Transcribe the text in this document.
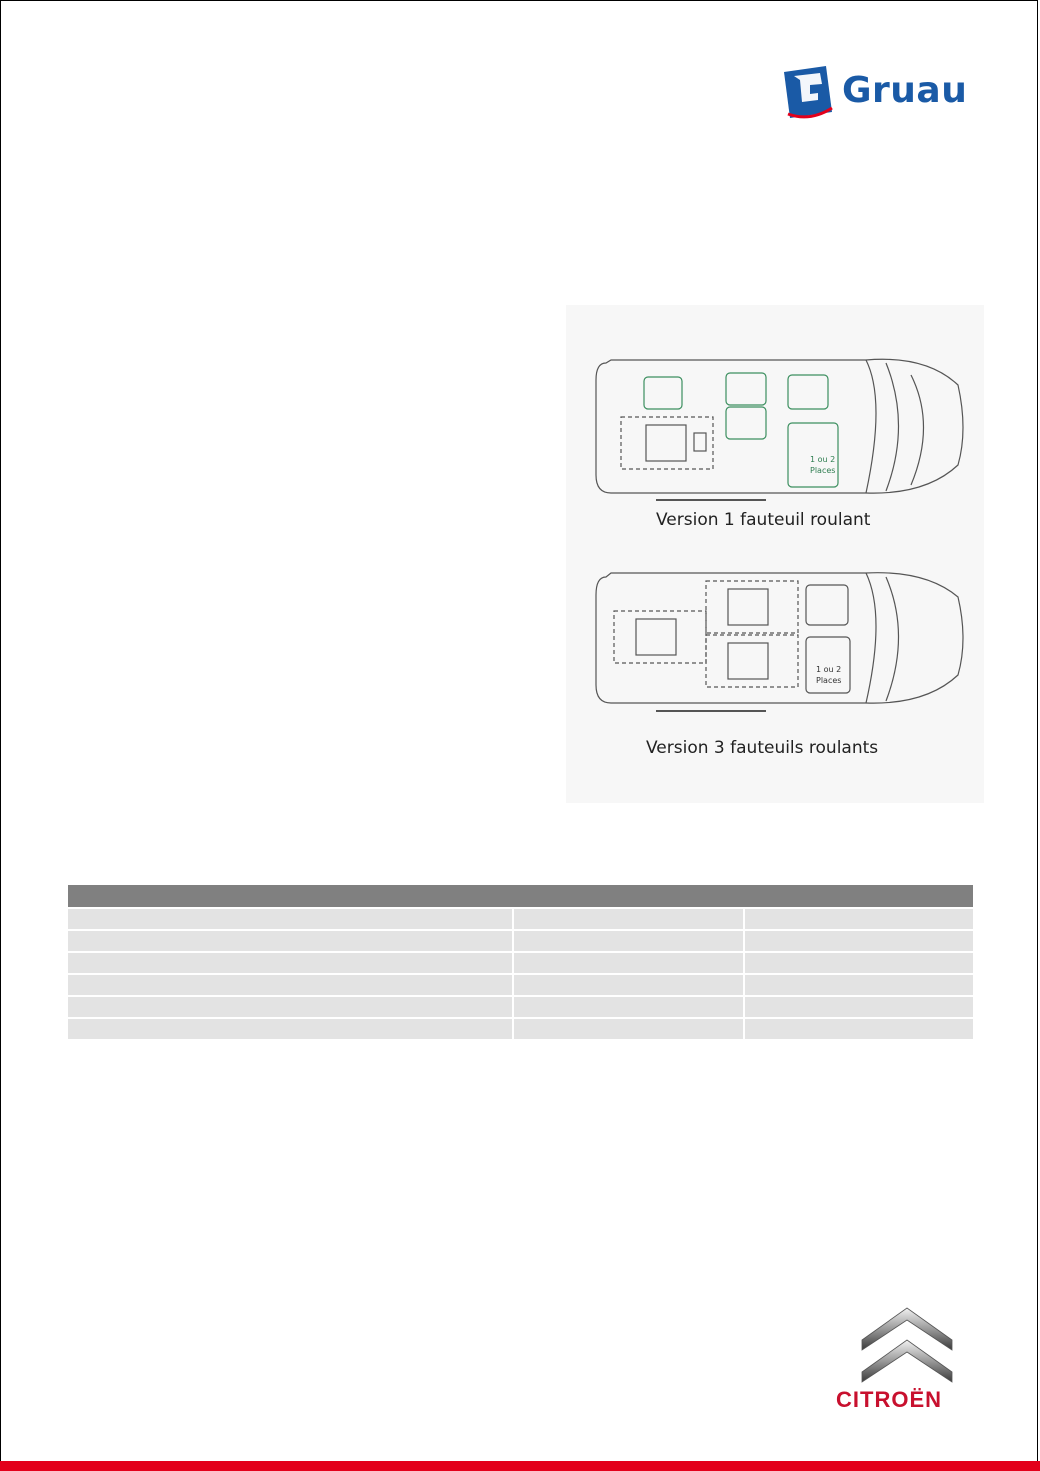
Gruau
1 ou 2
Places
1 ou 2
Places
Version 1 fauteuil roulant
Version 3 fauteuils roulants

CITROËN
